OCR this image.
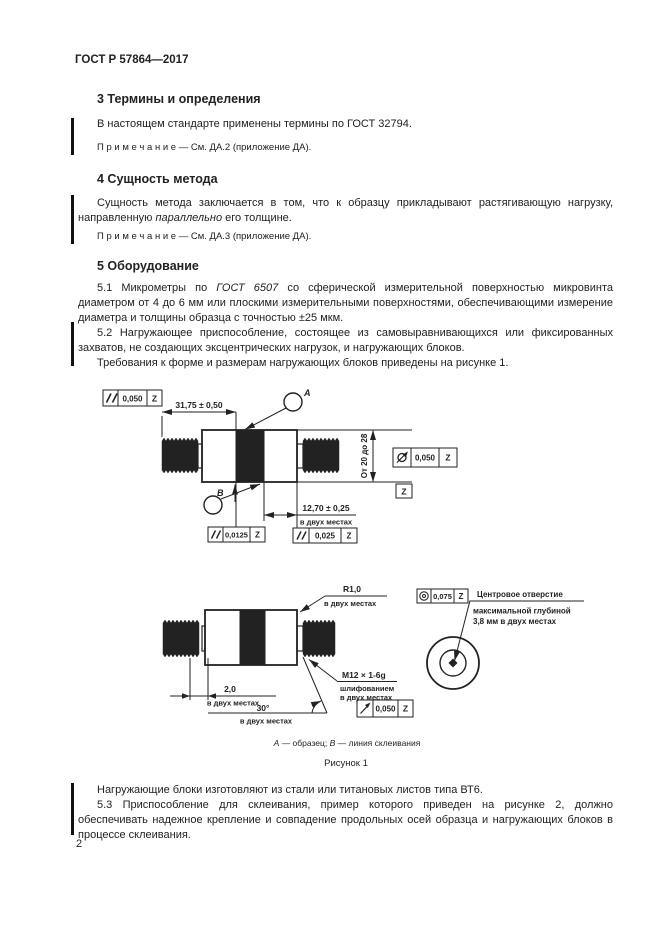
ГОСТ Р 57864—2017
3 Термины и определения

В настоящем стандарте применены термины по ГОСТ 32794.

П р и м е ч а н и е — См. ДА.2 (приложение ДА).

4 Сущность метода

Сущность метода заключается в том, что к образцу прикладывают растягивающую нагрузку, направленную параллельно его толщине.

П р и м е ч а н и е — См. ДА.3 (приложение ДА).

5 Оборудование

5.1 Микрометры по ГОСТ 6507 со сферической измерительной поверхностью микровинта диаметром от 4 до 6 мм или плоскими измерительными поверхностями, обеспечивающими измерение диаметра и толщины образца с точностью ±25 мкм.

5.2 Нагружающее приспособление, состоящее из самовыравнивающихся или фиксированных захватов, не создающих эксцентрических нагрузок, и нагружающих блоков.

Требования к форме и размерам нагружающих блоков приведены на рисунке 1.

0,050 Z
31,75 ± 0,50
От 20 до 28
Z
0,050 Z
А
В
12,70 ± 0,25
в двух местах
0,0125 Z	0,025 Z
R1,0
в двух местах
M12 × 1-6g
шлифованием
в двух местах
0,050 Z
2,0
в двух местах
30°
в двух местах
0,075 Z Центровое отверстие
максимальной глубиной
3,8 мм в двух местах
А — образец; В — линия склеивания
Рисунок 1

Нагружающие блоки изготовляют из стали или титановых листов типа ВТ6.

5.3 Приспособление для склеивания, пример которого приведен на рисунке 2, должно обеспечивать надежное крепление и совпадение продольных осей образца и нагружающих блоков в процессе склеивания.

2
